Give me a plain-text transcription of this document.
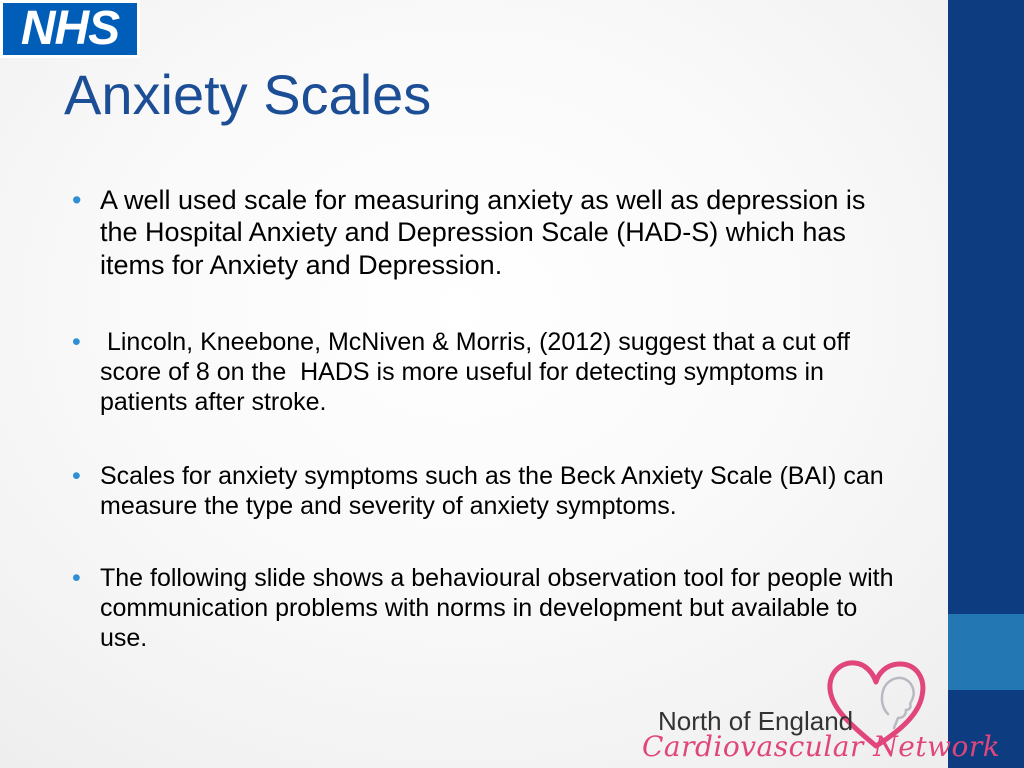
NHS
Anxiety Scales
• A well used scale for measuring anxiety as well as depression is the Hospital Anxiety and Depression Scale (HAD-S) which has items for Anxiety and Depression.
• Lincoln, Kneebone, McNiven & Morris, (2012) suggest that a cut off score of 8 on the  HADS is more useful for detecting symptoms in patients after stroke.
• Scales for anxiety symptoms such as the Beck Anxiety Scale (BAI) can measure the type and severity of anxiety symptoms.
• The following slide shows a behavioural observation tool for people with communication problems with norms in development but available to use.
North of England
Cardiovascular Network
